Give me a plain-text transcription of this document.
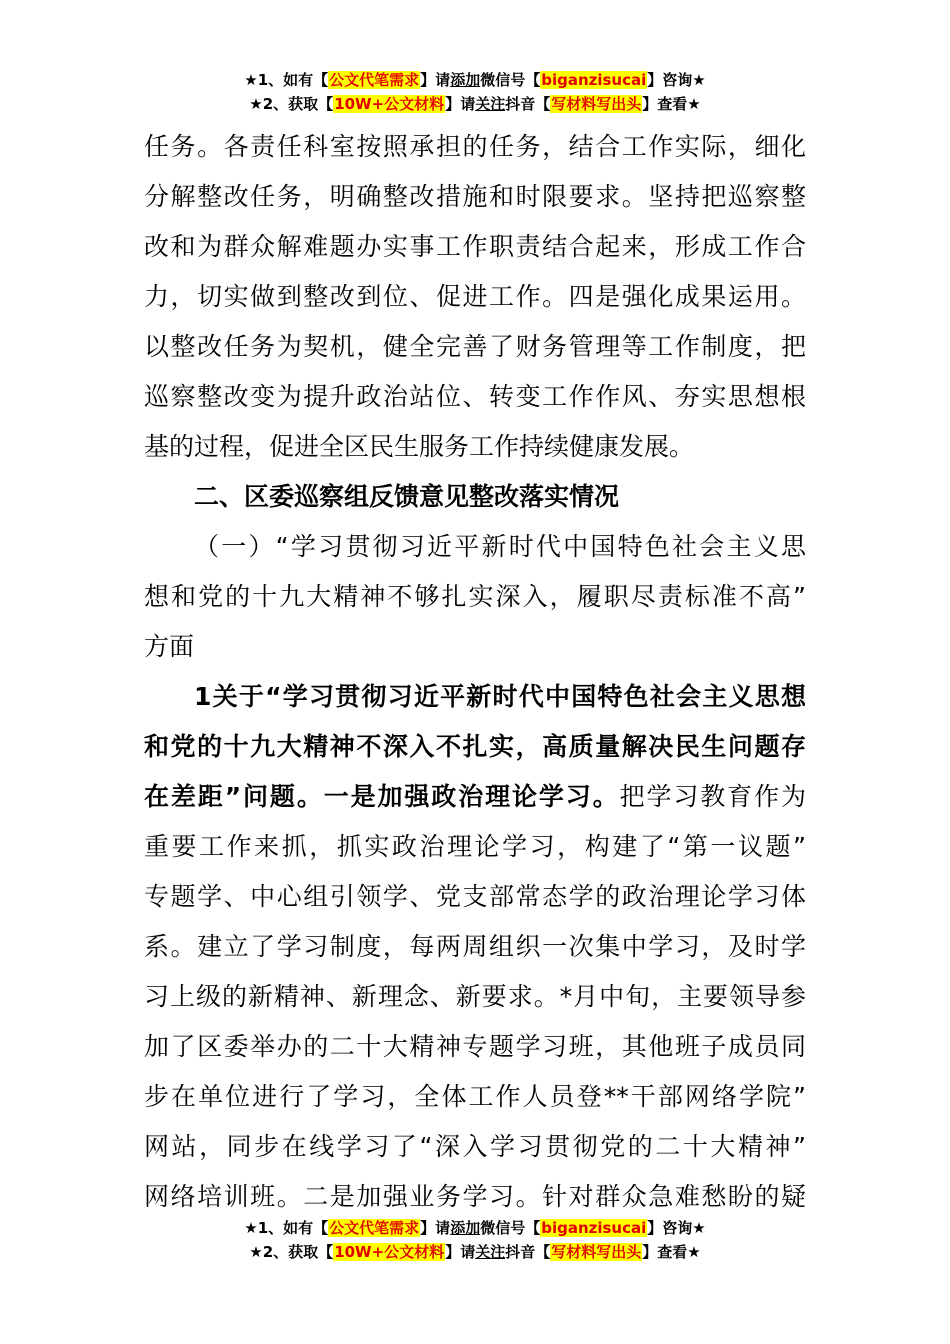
★1、如有【公文代笔需求】请添加微信号【biganzisucai】咨询★
★2、获取【10W+公文材料】请关注抖音【写材料写出头】查看★

任务。各责任科室按照承担的任务，结合工作实际，细化

分解整改任务，明确整改措施和时限要求。坚持把巡察整

改和为群众解难题办实事工作职责结合起来，形成工作合

力，切实做到整改到位、促进工作。四是强化成果运用。

以整改任务为契机，健全完善了财务管理等工作制度，把

巡察整改变为提升政治站位、转变工作作风、夯实思想根

基的过程，促进全区民生服务工作持续健康发展。

二、区委巡察组反馈意见整改落实情况

（一）“学习贯彻习近平新时代中国特色社会主义思

想和党的十九大精神不够扎实深入，履职尽责标准不高”

方面

1关于“学习贯彻习近平新时代中国特色社会主义思想

和党的十九大精神不深入不扎实，高质量解决民生问题存

在差距”问题。一是加强政治理论学习。把学习教育作为

重要工作来抓，抓实政治理论学习，构建了“第一议题”

专题学、中心组引领学、党支部常态学的政治理论学习体

系。建立了学习制度，每两周组织一次集中学习，及时学

习上级的新精神、新理念、新要求。*月中旬，主要领导参

加了区委举办的二十大精神专题学习班，其他班子成员同

步在单位进行了学习，全体工作人员登**干部网络学院”

网站，同步在线学习了“深入学习贯彻党的二十大精神”

网络培训班。二是加强业务学习。针对群众急难愁盼的疑

★1、如有【公文代笔需求】请添加微信号【biganzisucai】咨询★
★2、获取【10W+公文材料】请关注抖音【写材料写出头】查看★
